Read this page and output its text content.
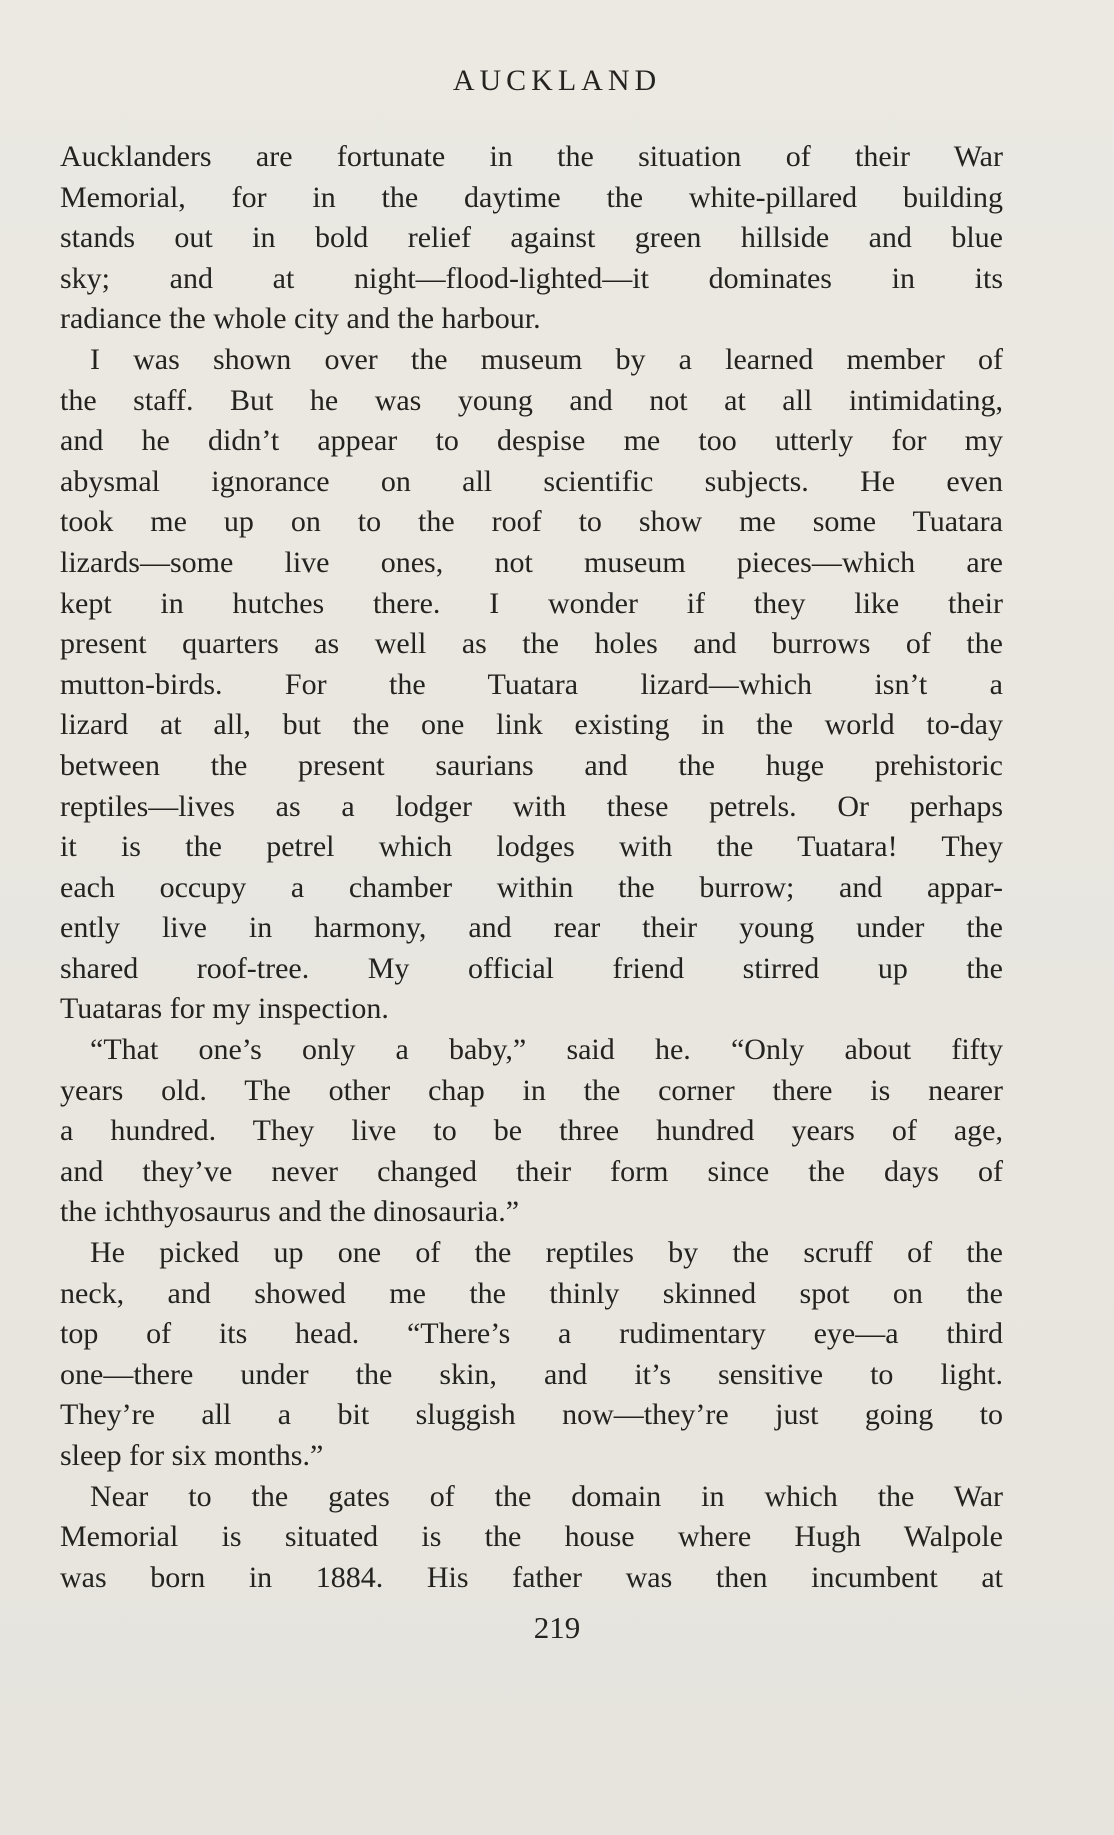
AUCKLAND
Aucklanders are fortunate in the situation of their War
Memorial, for in the daytime the white-pillared building
stands out in bold relief against green hillside and blue
sky; and at night—flood-lighted—it dominates in its
radiance the whole city and the harbour.
I was shown over the museum by a learned member of
the staff. But he was young and not at all intimidating,
and he didn’t appear to despise me too utterly for my
abysmal ignorance on all scientific subjects. He even
took me up on to the roof to show me some Tuatara
lizards—some live ones, not museum pieces—which are
kept in hutches there. I wonder if they like their
present quarters as well as the holes and burrows of the
mutton-birds. For the Tuatara lizard—which isn’t a
lizard at all, but the one link existing in the world to-day
between the present saurians and the huge prehistoric
reptiles—lives as a lodger with these petrels. Or perhaps
it is the petrel which lodges with the Tuatara! They
each occupy a chamber within the burrow; and appar-
ently live in harmony, and rear their young under the
shared roof-tree. My official friend stirred up the
Tuataras for my inspection.
“That one’s only a baby,” said he. “Only about fifty
years old. The other chap in the corner there is nearer
a hundred. They live to be three hundred years of age,
and they’ve never changed their form since the days of
the ichthyosaurus and the dinosauria.”
He picked up one of the reptiles by the scruff of the
neck, and showed me the thinly skinned spot on the
top of its head. “There’s a rudimentary eye—a third
one—there under the skin, and it’s sensitive to light.
They’re all a bit sluggish now—they’re just going to
sleep for six months.”
Near to the gates of the domain in which the War
Memorial is situated is the house where Hugh Walpole
was born in 1884. His father was then incumbent at
219
